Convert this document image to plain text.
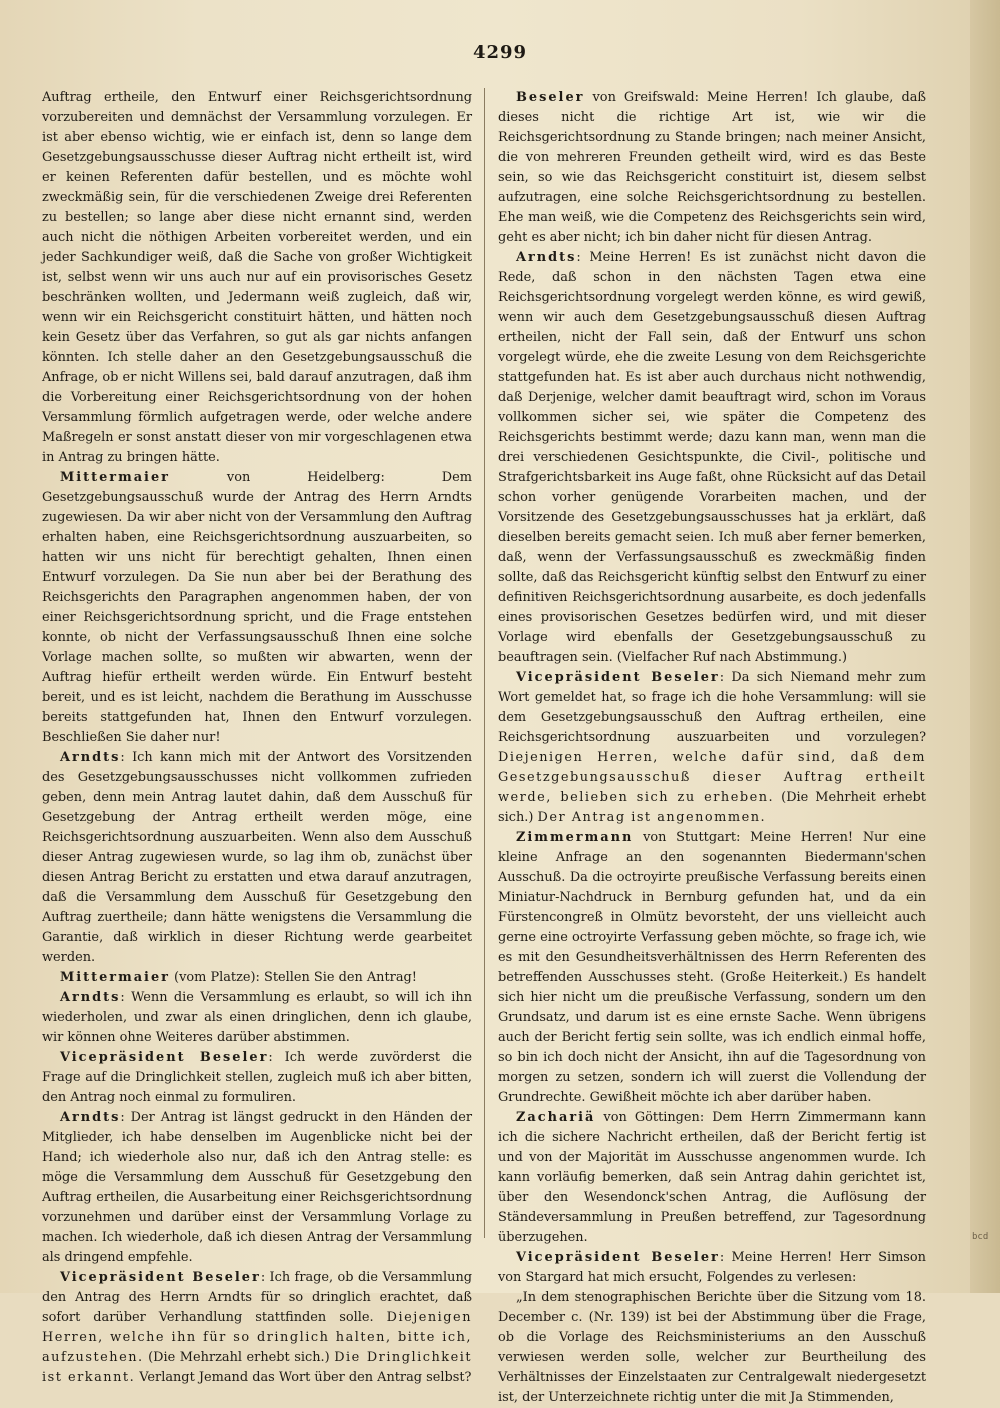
4299

Auftrag ertheile, den Entwurf einer Reichsgerichtsordnung vorzubereiten und demnächst der Versammlung vorzulegen. Er ist aber ebenso wichtig, wie er einfach ist, denn so lange dem Gesetzgebungsausschusse dieser Auftrag nicht ertheilt ist, wird er keinen Referenten dafür bestellen, und es möchte wohl zweckmäßig sein, für die verschiedenen Zweige drei Referenten zu bestellen; so lange aber diese nicht ernannt sind, werden auch nicht die nöthigen Arbeiten vorbereitet werden, und ein jeder Sachkundiger weiß, daß die Sache von großer Wichtigkeit ist, selbst wenn wir uns auch nur auf ein provisorisches Gesetz beschränken wollten, und Jedermann weiß zugleich, daß wir, wenn wir ein Reichsgericht constituirt hätten, und hätten noch kein Gesetz über das Verfahren, so gut als gar nichts anfangen könnten. Ich stelle daher an den Gesetzgebungsausschuß die Anfrage, ob er nicht Willens sei, bald darauf anzutragen, daß ihm die Vorbereitung einer Reichsgerichtsordnung von der hohen Versammlung förmlich aufgetragen werde, oder welche andere Maßregeln er sonst anstatt dieser von mir vorgeschlagenen etwa in Antrag zu bringen hätte.

Mittermaier von Heidelberg: Dem Gesetzgebungsausschuß wurde der Antrag des Herrn Arndts zugewiesen. Da wir aber nicht von der Versammlung den Auftrag erhalten haben, eine Reichsgerichtsordnung auszuarbeiten, so hatten wir uns nicht für berechtigt gehalten, Ihnen einen Entwurf vorzulegen. Da Sie nun aber bei der Berathung des Reichsgerichts den Paragraphen angenommen haben, der von einer Reichsgerichtsordnung spricht, und die Frage entstehen konnte, ob nicht der Verfassungsausschuß Ihnen eine solche Vorlage machen sollte, so mußten wir abwarten, wenn der Auftrag hiefür ertheilt werden würde. Ein Entwurf besteht bereit, und es ist leicht, nachdem die Berathung im Ausschusse bereits stattgefunden hat, Ihnen den Entwurf vorzulegen. Beschließen Sie daher nur!

Arndts: Ich kann mich mit der Antwort des Vorsitzenden des Gesetzgebungsausschusses nicht vollkommen zufrieden geben, denn mein Antrag lautet dahin, daß dem Ausschuß für Gesetzgebung der Antrag ertheilt werden möge, eine Reichsgerichtsordnung auszuarbeiten. Wenn also dem Ausschuß dieser Antrag zugewiesen wurde, so lag ihm ob, zunächst über diesen Antrag Bericht zu erstatten und etwa darauf anzutragen, daß die Versammlung dem Ausschuß für Gesetzgebung den Auftrag zuertheile; dann hätte wenigstens die Versammlung die Garantie, daß wirklich in dieser Richtung werde gearbeitet werden.

Mittermaier (vom Platze): Stellen Sie den Antrag!

Arndts: Wenn die Versammlung es erlaubt, so will ich ihn wiederholen, und zwar als einen dringlichen, denn ich glaube, wir können ohne Weiteres darüber abstimmen.

Vicepräsident Beseler: Ich werde zuvörderst die Frage auf die Dringlichkeit stellen, zugleich muß ich aber bitten, den Antrag noch einmal zu formuliren.

Arndts: Der Antrag ist längst gedruckt in den Händen der Mitglieder, ich habe denselben im Augenblicke nicht bei der Hand; ich wiederhole also nur, daß ich den Antrag stelle: es möge die Versammlung dem Ausschuß für Gesetzgebung den Auftrag ertheilen, die Ausarbeitung einer Reichsgerichtsordnung vorzunehmen und darüber einst der Versammlung Vorlage zu machen. Ich wiederhole, daß ich diesen Antrag der Versammlung als dringend empfehle.

Vicepräsident Beseler: Ich frage, ob die Versammlung den Antrag des Herrn Arndts für so dringlich erachtet, daß sofort darüber Verhandlung stattfinden solle. Diejenigen Herren, welche ihn für so dringlich halten, bitte ich, aufzustehen. (Die Mehrzahl erhebt sich.) Die Dringlichkeit ist erkannt. Verlangt Jemand das Wort über den Antrag selbst?

Beseler von Greifswald: Meine Herren! Ich glaube, daß dieses nicht die richtige Art ist, wie wir die Reichsgerichtsordnung zu Stande bringen; nach meiner Ansicht, die von mehreren Freunden getheilt wird, wird es das Beste sein, so wie das Reichsgericht constituirt ist, diesem selbst aufzutragen, eine solche Reichsgerichtsordnung zu bestellen. Ehe man weiß, wie die Competenz des Reichsgerichts sein wird, geht es aber nicht; ich bin daher nicht für diesen Antrag.

Arndts: Meine Herren! Es ist zunächst nicht davon die Rede, daß schon in den nächsten Tagen etwa eine Reichsgerichtsordnung vorgelegt werden könne, es wird gewiß, wenn wir auch dem Gesetzgebungsausschuß diesen Auftrag ertheilen, nicht der Fall sein, daß der Entwurf uns schon vorgelegt würde, ehe die zweite Lesung von dem Reichsgerichte stattgefunden hat. Es ist aber auch durchaus nicht nothwendig, daß Derjenige, welcher damit beauftragt wird, schon im Voraus vollkommen sicher sei, wie später die Competenz des Reichsgerichts bestimmt werde; dazu kann man, wenn man die drei verschiedenen Gesichtspunkte, die Civil-, politische und Strafgerichtsbarkeit ins Auge faßt, ohne Rücksicht auf das Detail schon vorher genügende Vorarbeiten machen, und der Vorsitzende des Gesetzgebungsausschusses hat ja erklärt, daß dieselben bereits gemacht seien. Ich muß aber ferner bemerken, daß, wenn der Verfassungsausschuß es zweckmäßig finden sollte, daß das Reichsgericht künftig selbst den Entwurf zu einer definitiven Reichsgerichtsordnung ausarbeite, es doch jedenfalls eines provisorischen Gesetzes bedürfen wird, und mit dieser Vorlage wird ebenfalls der Gesetzgebungsausschuß zu beauftragen sein. (Vielfacher Ruf nach Abstimmung.)

Vicepräsident Beseler: Da sich Niemand mehr zum Wort gemeldet hat, so frage ich die hohe Versammlung: will sie dem Gesetzgebungsausschuß den Auftrag ertheilen, eine Reichsgerichtsordnung auszuarbeiten und vorzulegen? Diejenigen Herren, welche dafür sind, daß dem Gesetzgebungsausschuß dieser Auftrag ertheilt werde, belieben sich zu erheben. (Die Mehrheit erhebt sich.) Der Antrag ist angenommen.

Zimmermann von Stuttgart: Meine Herren! Nur eine kleine Anfrage an den sogenannten Biedermann'schen Ausschuß. Da die octroyirte preußische Verfassung bereits einen Miniatur-Nachdruck in Bernburg gefunden hat, und da ein Fürstencongreß in Olmütz bevorsteht, der uns vielleicht auch gerne eine octroyirte Verfassung geben möchte, so frage ich, wie es mit den Gesundheitsverhältnissen des Herrn Referenten des betreffenden Ausschusses steht. (Große Heiterkeit.) Es handelt sich hier nicht um die preußische Verfassung, sondern um den Grundsatz, und darum ist es eine ernste Sache. Wenn übrigens auch der Bericht fertig sein sollte, was ich endlich einmal hoffe, so bin ich doch nicht der Ansicht, ihn auf die Tagesordnung von morgen zu setzen, sondern ich will zuerst die Vollendung der Grundrechte. Gewißheit möchte ich aber darüber haben.

Zachariä von Göttingen: Dem Herrn Zimmermann kann ich die sichere Nachricht ertheilen, daß der Bericht fertig ist und von der Majorität im Ausschusse angenommen wurde. Ich kann vorläufig bemerken, daß sein Antrag dahin gerichtet ist, über den Wesendonck'schen Antrag, die Auflösung der Ständeversammlung in Preußen betreffend, zur Tagesordnung überzugehen.

Vicepräsident Beseler: Meine Herren! Herr Simson von Stargard hat mich ersucht, Folgendes zu verlesen:

„In dem stenographischen Berichte über die Sitzung vom 18. December c. (Nr. 139) ist bei der Abstimmung über die Frage, ob die Vorlage des Reichsministeriums an den Ausschuß verwiesen werden solle, welcher zur Beurtheilung des Verhältnisses der Einzelstaaten zur Centralgewalt niedergesetzt ist, der Unterzeichnete richtig unter die mit Ja Stimmenden,

bcd
